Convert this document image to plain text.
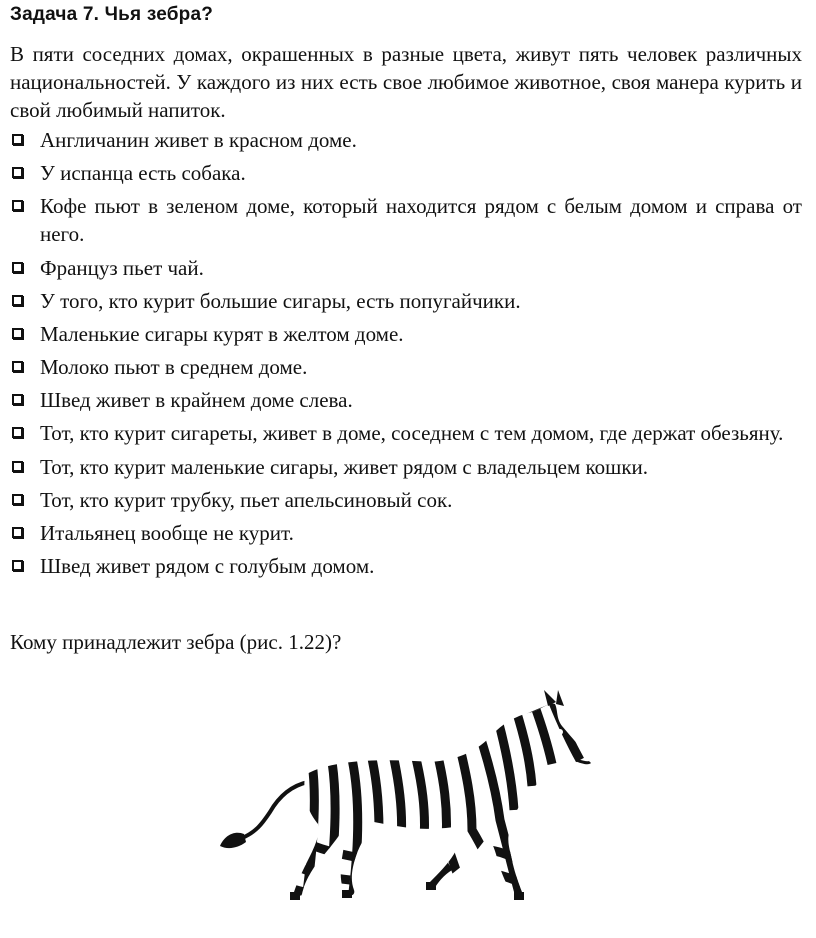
Задача 7. Чья зебра?
В пяти соседних домах, окрашенных в разные цвета, живут пять человек различных национальностей. У каждого из них есть свое любимое животное, своя манера курить и свой любимый напиток.
Англичанин живет в красном доме.
У испанца есть собака.
Кофе пьют в зеленом доме, который находится рядом с белым домом и справа от него.
Француз пьет чай.
У того, кто курит большие сигары, есть попугайчики.
Маленькие сигары курят в желтом доме.
Молоко пьют в среднем доме.
Швед живет в крайнем доме слева.
Тот, кто курит сигареты, живет в доме, соседнем с тем домом, где держат обезьяну.
Тот, кто курит маленькие сигары, живет рядом с владельцем кошки.
Тот, кто курит трубку, пьет апельсиновый сок.
Итальянец вообще не курит.
Швед живет рядом с голубым домом.
Кому принадлежит зебра (рис. 1.22)?
